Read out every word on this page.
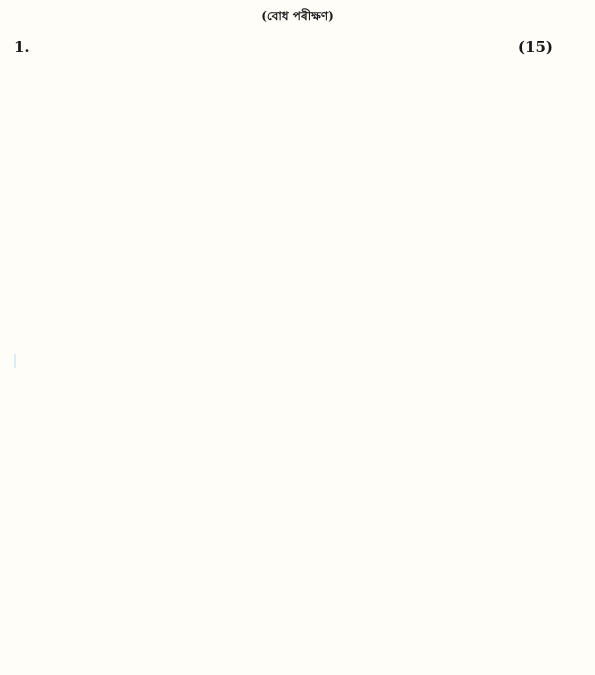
(বোধ পৰীক্ষণ)
1.	(15)
